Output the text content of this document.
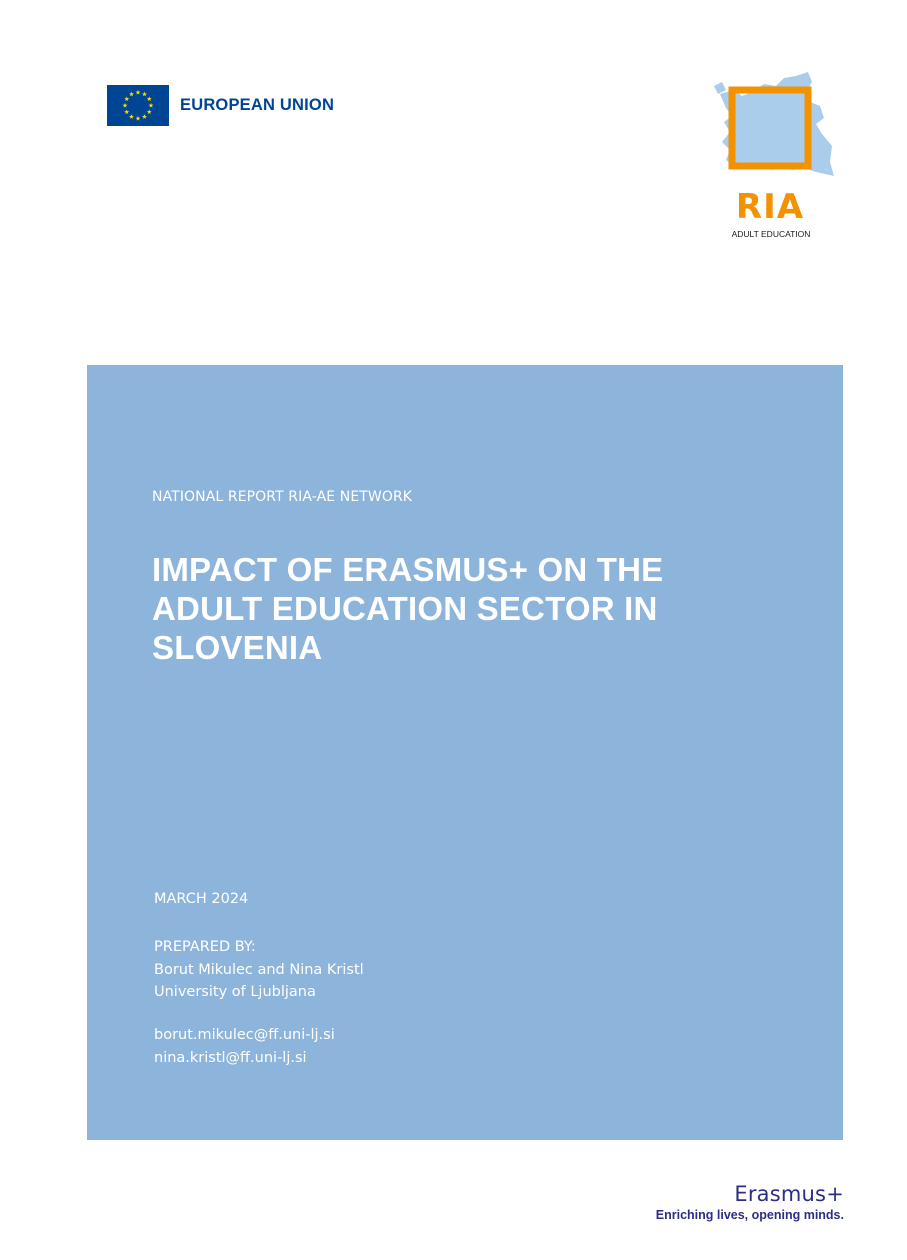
EUROPEAN UNION
RIA
ADULT EDUCATION
NATIONAL REPORT RIA-AE NETWORK
IMPACT OF ERASMUS+ ON THE
ADULT EDUCATION SECTOR IN
SLOVENIA
MARCH 2024
PREPARED BY:
Borut Mikulec and Nina Kristl
University of Ljubljana
borut.mikulec@ff.uni-lj.si
nina.kristl@ff.uni-lj.si
Erasmus+
Enriching lives, opening minds.
